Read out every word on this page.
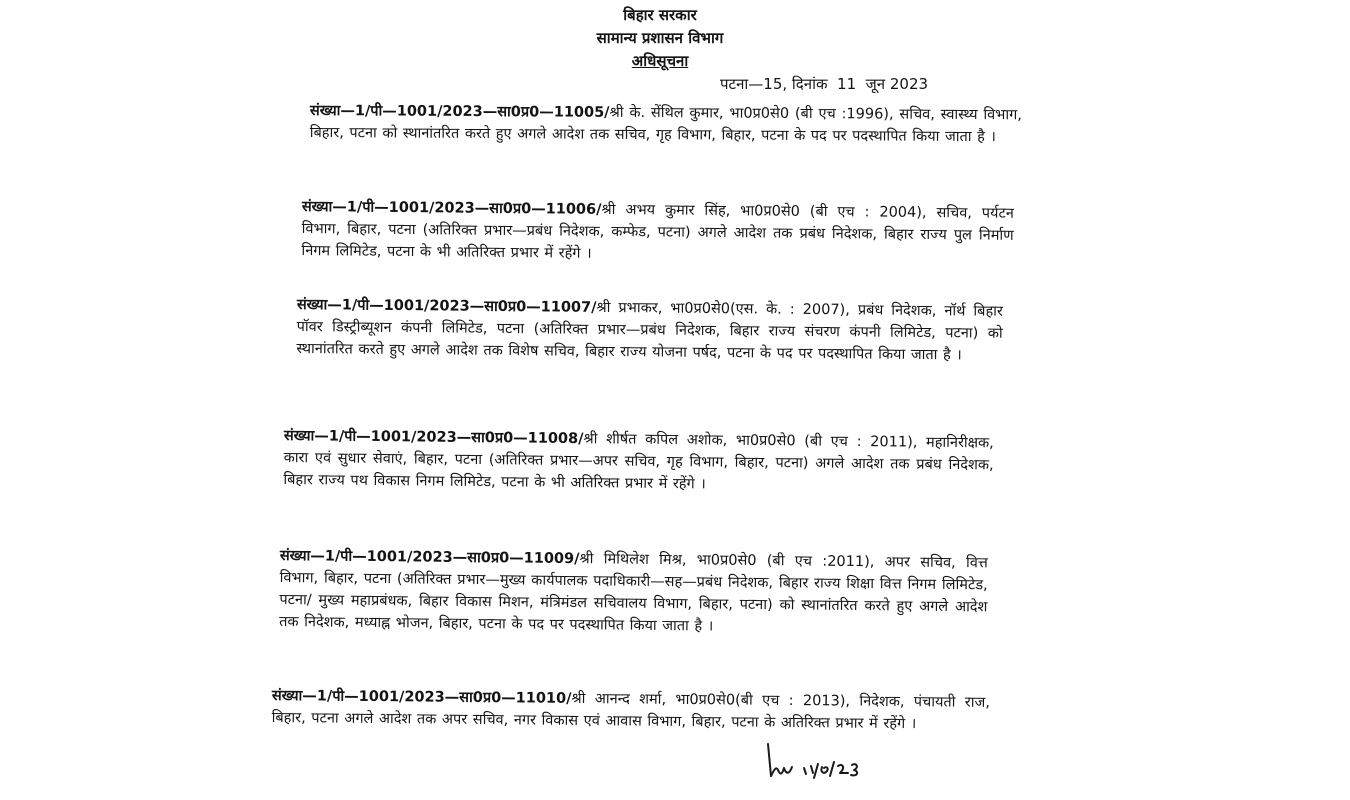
बिहार सरकार

सामान्य प्रशासन विभाग

अधिसूचना

पटना—15, दिनांक  11  जून 2023

संख्या—1/पी—1001/2023—सा0प्र0—11005/श्री के. सेंथिल कुमार, भा0प्र0से0 (बी एच :1996), सचिव, स्वास्थ्य विभाग, बिहार, पटना को स्थानांतरित करते हुए अगले आदेश तक सचिव, गृह विभाग, बिहार, पटना के पद पर पदस्थापित किया जाता है ।

संख्या—1/पी—1001/2023—सा0प्र0—11006/श्री अभय कुमार सिंह, भा0प्र0से0 (बी एच : 2004), सचिव, पर्यटन विभाग, बिहार, पटना (अतिरिक्त प्रभार—प्रबंध निदेशक, कम्फेड, पटना) अगले आदेश तक प्रबंध निदेशक, बिहार राज्य पुल निर्माण निगम लिमिटेड, पटना के भी अतिरिक्त प्रभार में रहेंगे ।

संख्या—1/पी—1001/2023—सा0प्र0—11007/श्री प्रभाकर, भा0प्र0से0(एस. के. : 2007), प्रबंध निदेशक, नॉर्थ बिहार पॉवर डिस्ट्रीब्यूशन कंपनी लिमिटेड, पटना (अतिरिक्त प्रभार—प्रबंध निदेशक, बिहार राज्य संचरण कंपनी लिमिटेड, पटना) को स्थानांतरित करते हुए अगले आदेश तक विशेष सचिव, बिहार राज्य योजना पर्षद, पटना के पद पर पदस्थापित किया जाता है ।

संख्या—1/पी—1001/2023—सा0प्र0—11008/श्री शीर्षत कपिल अशोक, भा0प्र0से0 (बी एच : 2011), महानिरीक्षक, कारा एवं सुधार सेवाएं, बिहार, पटना (अतिरिक्त प्रभार—अपर सचिव, गृह विभाग, बिहार, पटना) अगले आदेश तक प्रबंध निदेशक, बिहार राज्य पथ विकास निगम लिमिटेड, पटना के भी अतिरिक्त प्रभार में रहेंगे ।

संख्या—1/पी—1001/2023—सा0प्र0—11009/श्री मिथिलेश मिश्र, भा0प्र0से0 (बी एच :2011), अपर सचिव, वित्त विभाग, बिहार, पटना (अतिरिक्त प्रभार—मुख्य कार्यपालक पदाधिकारी—सह—प्रबंध निदेशक, बिहार राज्य शिक्षा वित्त निगम लिमिटेड, पटना/ मुख्य महाप्रबंधक, बिहार विकास मिशन, मंत्रिमंडल सचिवालय विभाग, बिहार, पटना) को स्थानांतरित करते हुए अगले आदेश तक निदेशक, मध्याह्न भोजन, बिहार, पटना के पद पर पदस्थापित किया जाता है ।

संख्या—1/पी—1001/2023—सा0प्र0—11010/श्री आनन्द शर्मा, भा0प्र0से0(बी एच : 2013), निदेशक, पंचायती राज, बिहार, पटना अगले आदेश तक अपर सचिव, नगर विकास एवं आवास विभाग, बिहार, पटना के अतिरिक्त प्रभार में रहेंगे ।
